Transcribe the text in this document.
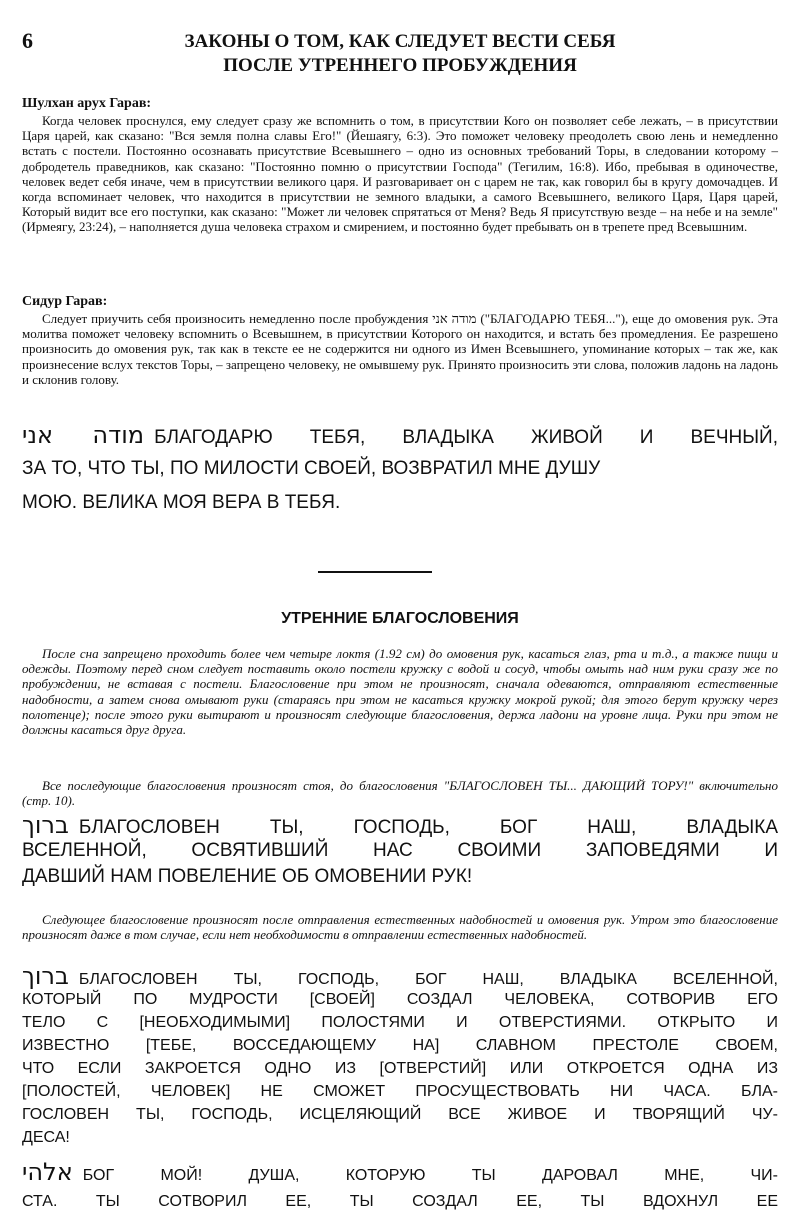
6	ЗАКОНЫ О ТОМ, КАК СЛЕДУЕТ ВЕСТИ СЕБЯ
ПОСЛЕ УТРЕННЕГО ПРОБУЖДЕНИЯ
Шулхан арух Гарав:

Когда человек проснулся, ему следует сразу же вспомнить о том, в присутствии Кого он позволяет себе лежать, – в присутствии Царя царей, как сказано: "Вся земля полна славы Его!" (Йешаягу, 6:3). Это поможет человеку преодолеть свою лень и немедленно встать с постели. Постоянно осознавать присутствие Всевышнего – одно из основных требований Торы, в следовании которому – добродетель праведников, как сказано: "Постоянно помню о присутствии Господа" (Тегилим, 16:8). Ибо, пребывая в одиночестве, человек ведет себя иначе, чем в присутствии великого царя. И разговаривает он с царем не так, как говорил бы в кругу домочадцев. И когда вспоминает человек, что находится в присутствии не земного владыки, а самого Всевышнего, великого Царя, Царя царей, Который видит все его поступки, как сказано: "Может ли человек спрятаться от Меня? Ведь Я присутствую везде – на небе и на земле" (Ирмеягу, 23:24), – наполняется душа человека страхом и смирением, и постоянно будет пребывать он в трепете пред Всевышним.

Сидур Гарав:

Следует приучить себя произносить немедленно после пробуждения מודה אני ("БЛАГОДАРЮ ТЕБЯ..."), еще до омовения рук. Эта молитва поможет человеку вспомнить о Всевышнем, в присутствии Которого он находится, и встать без промедления. Ее разрешено произносить до омовения рук, так как в тексте ее не содержится ни одного из Имен Всевышнего, упоминание которых – так же, как произнесение вслух текстов Торы, – запрещено человеку, не омывшему рук. Принято произносить эти слова, положив ладонь на ладонь и склонив голову.

מודה אני БЛАГОДАРЮ ТЕБЯ, ВЛАДЫКА ЖИВОЙ И ВЕЧНЫЙ,

ЗА ТО, ЧТО ТЫ, ПО МИЛОСТИ СВОЕЙ, ВОЗВРАТИЛ МНЕ ДУШУ

МОЮ. ВЕЛИКА МОЯ ВЕРА В ТЕБЯ.

УТРЕННИЕ БЛАГОСЛОВЕНИЯ

После сна запрещено проходить более чем четыре локтя (1.92 см) до омовения рук, касаться глаз, рта и т.д., а также пищи и одежды. Поэтому перед сном следует поставить около постели кружку с водой и сосуд, чтобы омыть над ним руки сразу же по пробуждении, не вставая с постели. Благословение при этом не произносят, сначала одеваются, отправляют естественные надобности, а затем снова омывают руки (стараясь при этом не касаться кружку мокрой рукой; для этого берут кружку через полотенце); после этого руки вытирают и произносят следующие благословения, держа ладони на уровне лица. Руки при этом не должны касаться друг друга.

Все последующие благословения произносят стоя, до благословения "БЛАГОСЛОВЕН ТЫ... ДАЮЩИЙ ТОРУ!" включительно (стр. 10).

ברוך БЛАГОСЛОВЕН ТЫ, ГОСПОДЬ, БОГ НАШ, ВЛАДЫКА

ВСЕЛЕННОЙ, ОСВЯТИВШИЙ НАС СВОИМИ ЗАПОВЕДЯМИ И

ДАВШИЙ НАМ ПОВЕЛЕНИЕ ОБ ОМОВЕНИИ РУК!

Следующее благословение произносят после отправления естественных надобностей и омовения рук. Утром это благословение произносят даже в том случае, если нет необходимости в отправлении естественных надобностей.

ברוך БЛАГОСЛОВЕН ТЫ, ГОСПОДЬ, БОГ НАШ, ВЛАДЫКА ВСЕЛЕННОЙ,

КОТОРЫЙ ПО МУДРОСТИ [СВОЕЙ] СОЗДАЛ ЧЕЛОВЕКА, СОТВОРИВ ЕГО

ТЕЛО С [НЕОБХОДИМЫМИ] ПОЛОСТЯМИ И ОТВЕРСТИЯМИ. ОТКРЫТО И

ИЗВЕСТНО [ТЕБЕ, ВОССЕДАЮЩЕМУ НА] СЛАВНОМ ПРЕСТОЛЕ СВОЕМ,

ЧТО ЕСЛИ ЗАКРОЕТСЯ ОДНО ИЗ [ОТВЕРСТИЙ] ИЛИ ОТКРОЕТСЯ ОДНА ИЗ

[ПОЛОСТЕЙ, ЧЕЛОВЕК] НЕ СМОЖЕТ ПРОСУЩЕСТВОВАТЬ НИ ЧАСА. БЛА-

ГОСЛОВЕН ТЫ, ГОСПОДЬ, ИСЦЕЛЯЮЩИЙ ВСЕ ЖИВОЕ И ТВОРЯЩИЙ ЧУ-

ДЕСА!

אלהי БОГ МОЙ! ДУША, КОТОРУЮ ТЫ ДАРОВАЛ МНЕ, ЧИ-

СТА. ТЫ СОТВОРИЛ ЕЕ, ТЫ СОЗДАЛ ЕЕ, ТЫ ВДОХНУЛ ЕЕ
